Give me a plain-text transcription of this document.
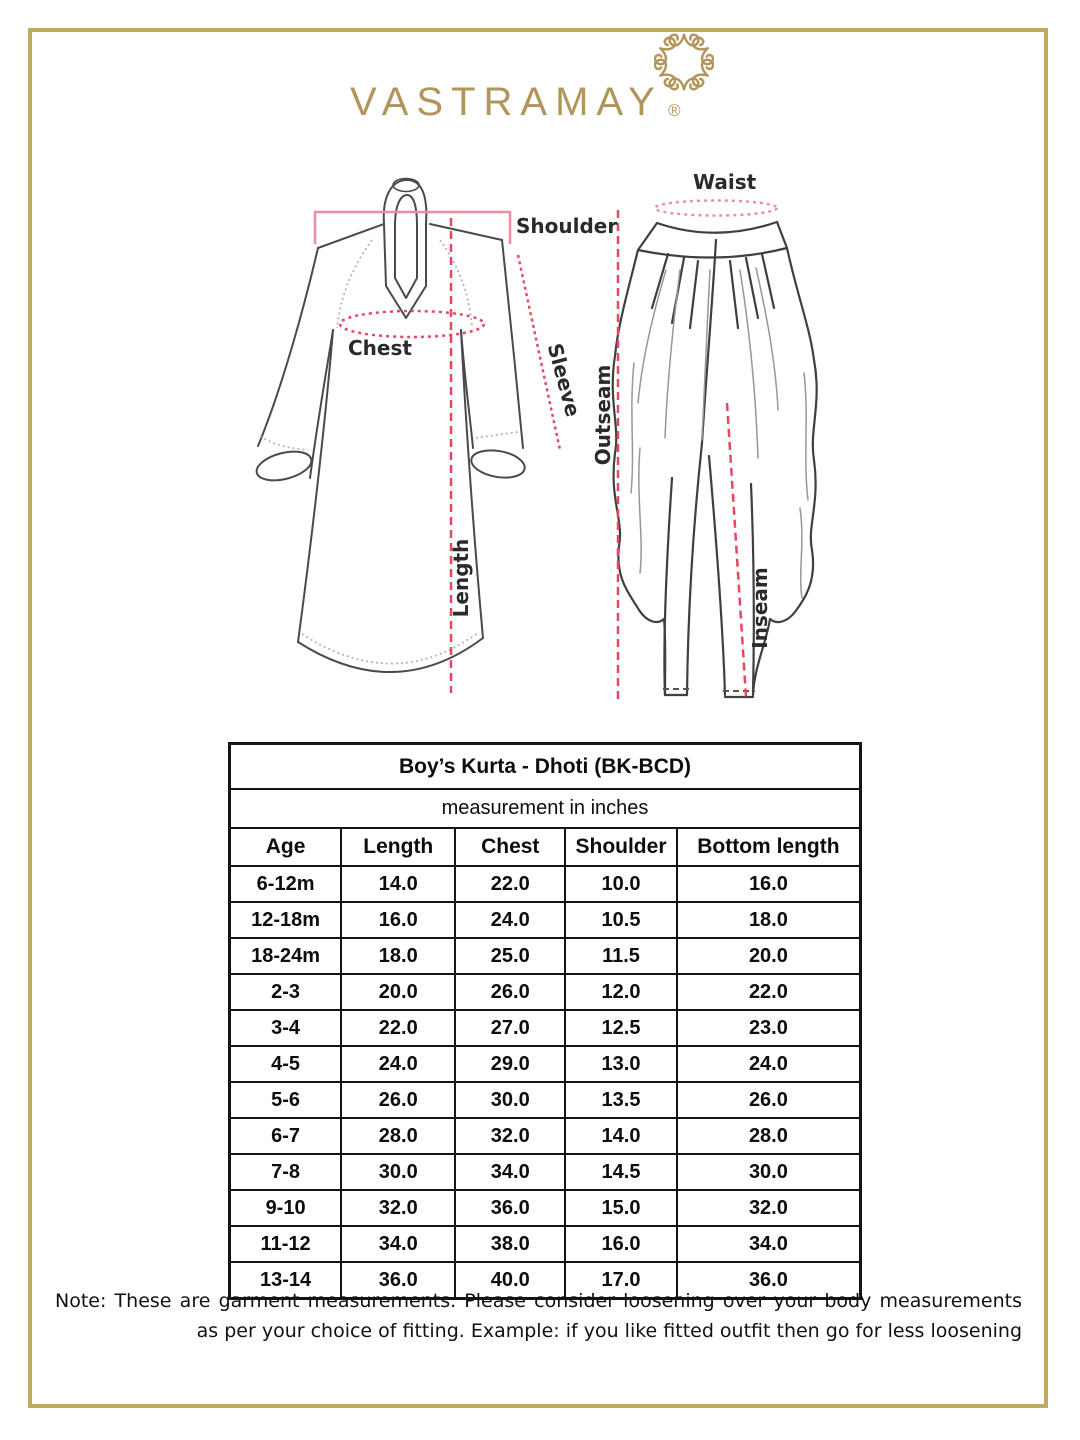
VASTRAMAY ®
Shoulder
Chest	Sleeve
Length
Waist
Outseam
Inseam
Boy’s Kurta - Dhoti (BK-BCD)				
measurement in inches				
Age	Length	Chest	Shoulder	Bottom length
6-12m	14.0	22.0	10.0	16.0
12-18m	16.0	24.0	10.5	18.0
18-24m	18.0	25.0	11.5	20.0
2-3	20.0	26.0	12.0	22.0
3-4	22.0	27.0	12.5	23.0
4-5	24.0	29.0	13.0	24.0
5-6	26.0	30.0	13.5	26.0
6-7	28.0	32.0	14.0	28.0
7-8	30.0	34.0	14.5	30.0
9-10	32.0	36.0	15.0	32.0
11-12	34.0	38.0	16.0	34.0
13-14	36.0	40.0	17.0	36.0
Note: These are garment measurements. Please consider loosening over your body measurements
as per your choice of fitting. Example: if you like fitted outfit then go for less loosening
